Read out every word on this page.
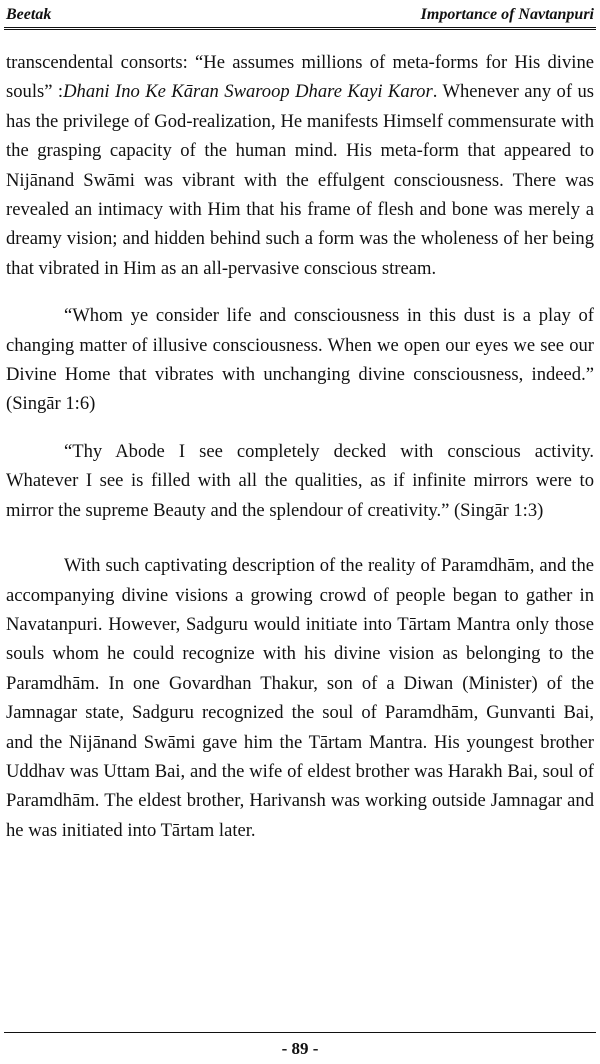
Beetak	Importance of Navtanpuri

transcendental consorts: “He assumes millions of meta-forms for His divine souls” :Dhani Ino Ke Kāran Swaroop Dhare Kayi Karor. Whenever any of us has the privilege of God-realization, He manifests Himself commensurate with the grasping capacity of the human mind. His meta-form that appeared to Nijānand Swāmi was vibrant with the effulgent consciousness. There was revealed an intimacy with Him that his frame of flesh and bone was merely a dreamy vision; and hidden behind such a form was the wholeness of her being that vibrated in Him as an all-pervasive conscious stream.

“Whom ye consider life and consciousness in this dust is a play of changing matter of illusive consciousness. When we open our eyes we see our Divine Home that vibrates with unchanging divine consciousness, indeed.” (Singār 1:6)

“Thy Abode I see completely decked with conscious activity. Whatever I see is filled with all the qualities, as if infinite mirrors were to mirror the supreme Beauty and the splendour of creativity.” (Singār 1:3)

With such captivating description of the reality of Paramdhām, and the accompanying divine visions a growing crowd of people began to gather in Navatanpuri. However, Sadguru would initiate into Tārtam Mantra only those souls whom he could recognize with his divine vision as belonging to the Paramdhām. In one Govardhan Thakur, son of a Diwan (Minister) of the Jamnagar state, Sadguru recognized the soul of Paramdhām, Gunvanti Bai, and the Nijānand Swāmi gave him the Tārtam Mantra. His youngest brother Uddhav was Uttam Bai, and the wife of eldest brother was Harakh Bai, soul of Paramdhām. The eldest brother, Harivansh was working outside Jamnagar and he was initiated into Tārtam later.

- 89 -
